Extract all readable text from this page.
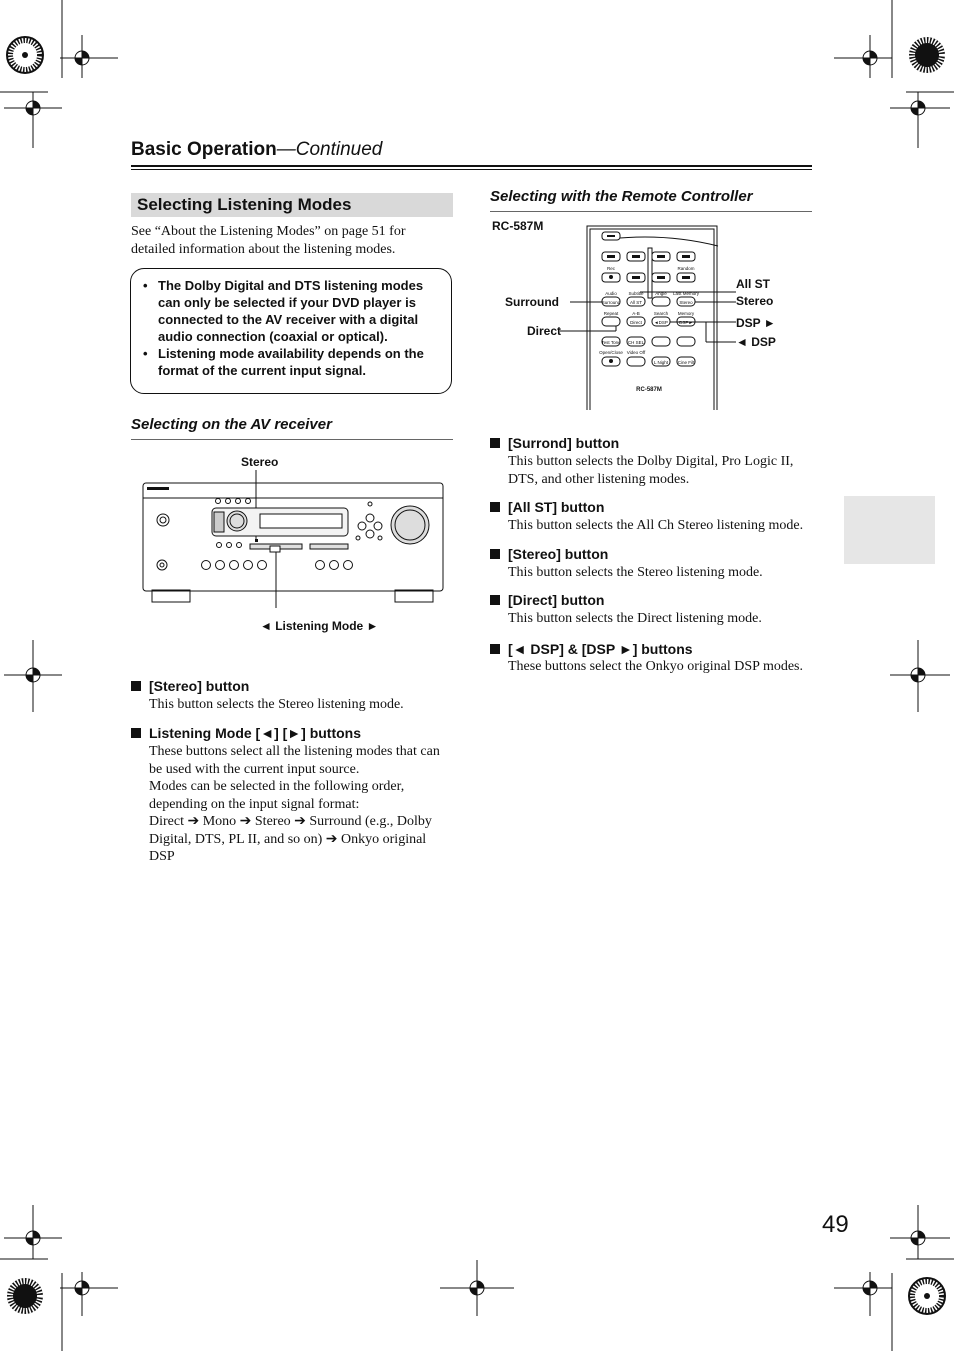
Basic Operation—Continued
Selecting Listening Modes
See “About the Listening Modes” on page 51 for detailed information about the listening modes.
• The Dolby Digital and DTS listening modes can only be selected if your DVD player is connected to the AV receiver with a digital audio connection (coaxial or optical).
• Listening mode availability depends on the format of the current input signal.
Selecting on the AV receiver
Stereo
◄ Listening Mode ►
[Stereo] button
This button selects the Stereo listening mode.
Listening Mode [◄] [►] buttons
These buttons select all the listening modes that can
be used with the current input source.
Modes can be selected in the following order,
depending on the input signal format:
Direct ➔ Mono ➔ Stereo ➔ Surround (e.g., Dolby
Digital, DTS, PL II, and so on) ➔ Onkyo original
DSP
Selecting with the Remote Controller
RC-587M
Rec	Random
Audio	Subtitle	Angle Last Memory
Surround All ST	Stereo
Repeat	A-B	Search Memory
Direct	◄DSP	DSP►
Test Tone CH SEL
Open/Close Video Off
L Night Cine Filt
RC-587M
Surround
Direct
All ST
Stereo
DSP ►
◄ DSP
[Surrond] button
This button selects the Dolby Digital, Pro Logic II,
DTS, and other listening modes.
[All ST] button
This button selects the All Ch Stereo listening mode.
[Stereo] button
This button selects the Stereo listening mode.
[Direct] button
This button selects the Direct listening mode.
[◄ DSP] & [DSP ►] buttons
These buttons select the Onkyo original DSP modes.
49
